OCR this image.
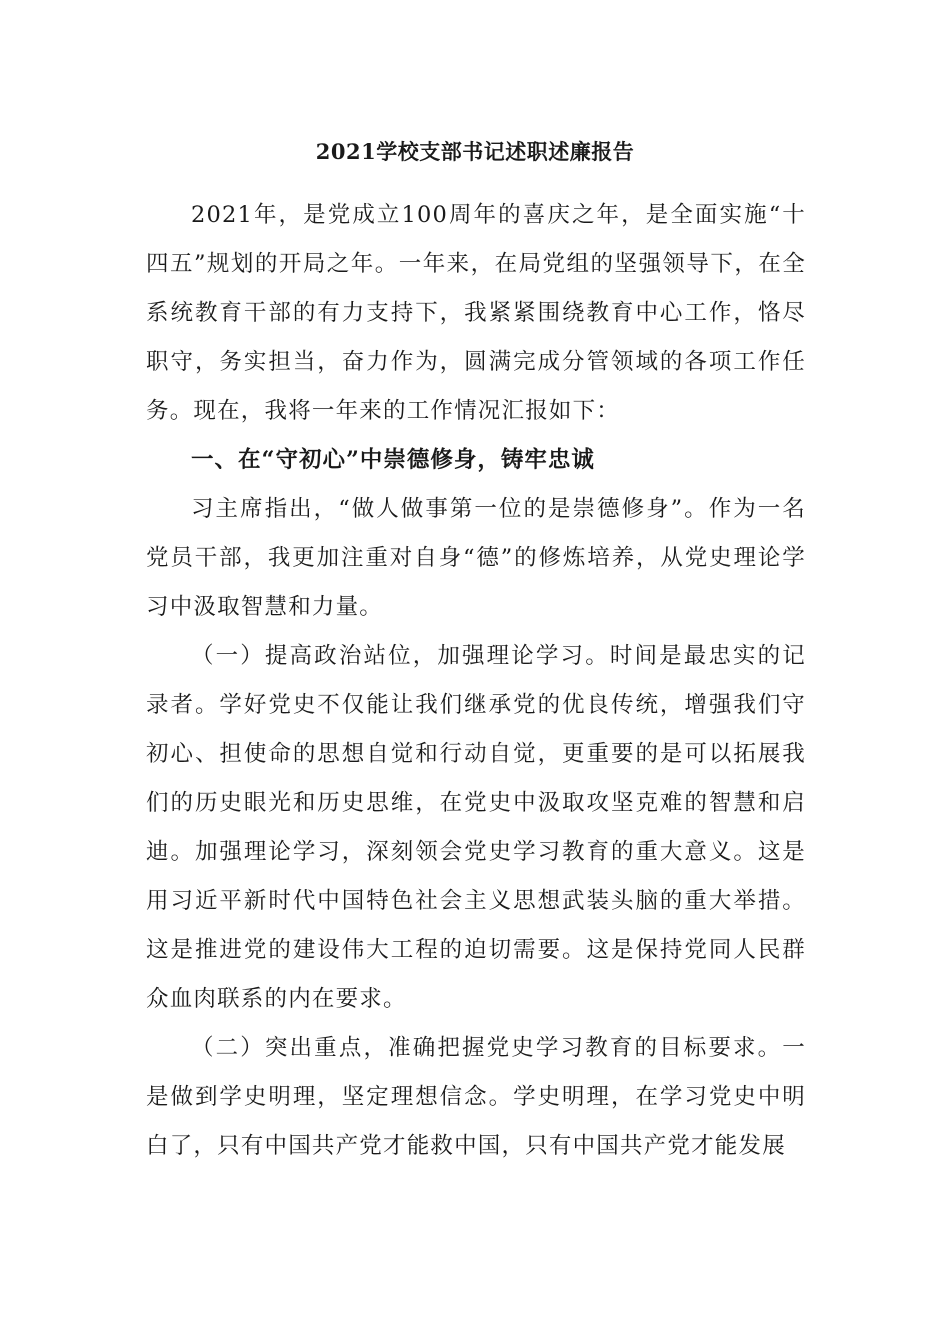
2021学校支部书记述职述廉报告

2021年，是党成立100周年的喜庆之年，是全面实施“十四五”规划的开局之年。一年来，在局党组的坚强领导下，在全系统教育干部的有力支持下，我紧紧围绕教育中心工作，恪尽职守，务实担当，奋力作为，圆满完成分管领域的各项工作任务。现在，我将一年来的工作情况汇报如下：

一、在“守初心”中崇德修身，铸牢忠诚

习主席指出，“做人做事第一位的是崇德修身”。作为一名党员干部，我更加注重对自身“德”的修炼培养，从党史理论学习中汲取智慧和力量。

（一）提高政治站位，加强理论学习。时间是最忠实的记录者。学好党史不仅能让我们继承党的优良传统，增强我们守初心、担使命的思想自觉和行动自觉，更重要的是可以拓展我们的历史眼光和历史思维，在党史中汲取攻坚克难的智慧和启迪。加强理论学习，深刻领会党史学习教育的重大意义。这是用习近平新时代中国特色社会主义思想武装头脑的重大举措。这是推进党的建设伟大工程的迫切需要。这是保持党同人民群众血肉联系的内在要求。

（二）突出重点，准确把握党史学习教育的目标要求。一是做到学史明理，坚定理想信念。学史明理，在学习党史中明白了，只有中国共产党才能救中国，只有中国共产党才能发展
